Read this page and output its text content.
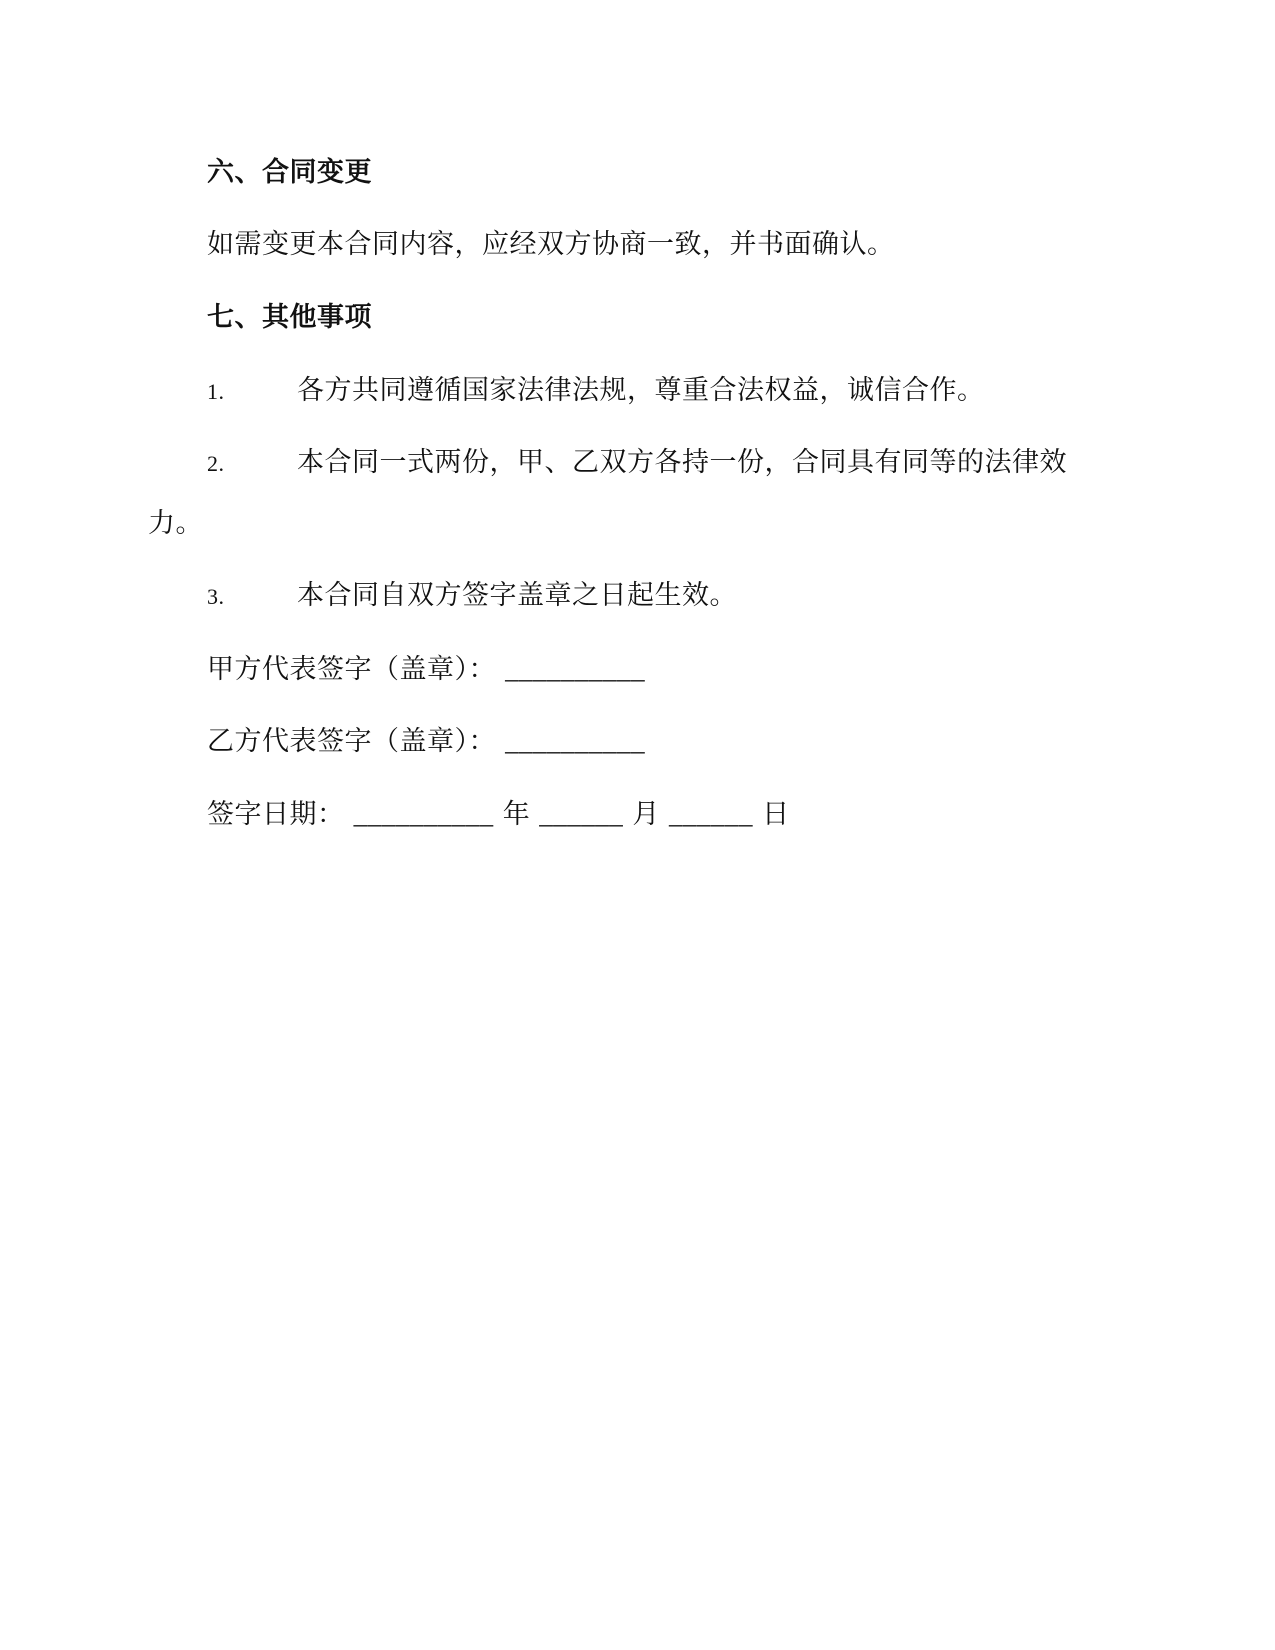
六、合同变更
如需变更本合同内容，应经双方协商一致，并书面确认。
七、其他事项
1.	各方共同遵循国家法律法规，尊重合法权益，诚信合作。
2.	本合同一式两份，甲、乙双方各持一份，合同具有同等的法律效
力。
3.	本合同自双方签字盖章之日起生效。
甲方代表签字（盖章）： __________
乙方代表签字（盖章）： __________
签字日期： __________ 年 ______ 月 ______ 日
